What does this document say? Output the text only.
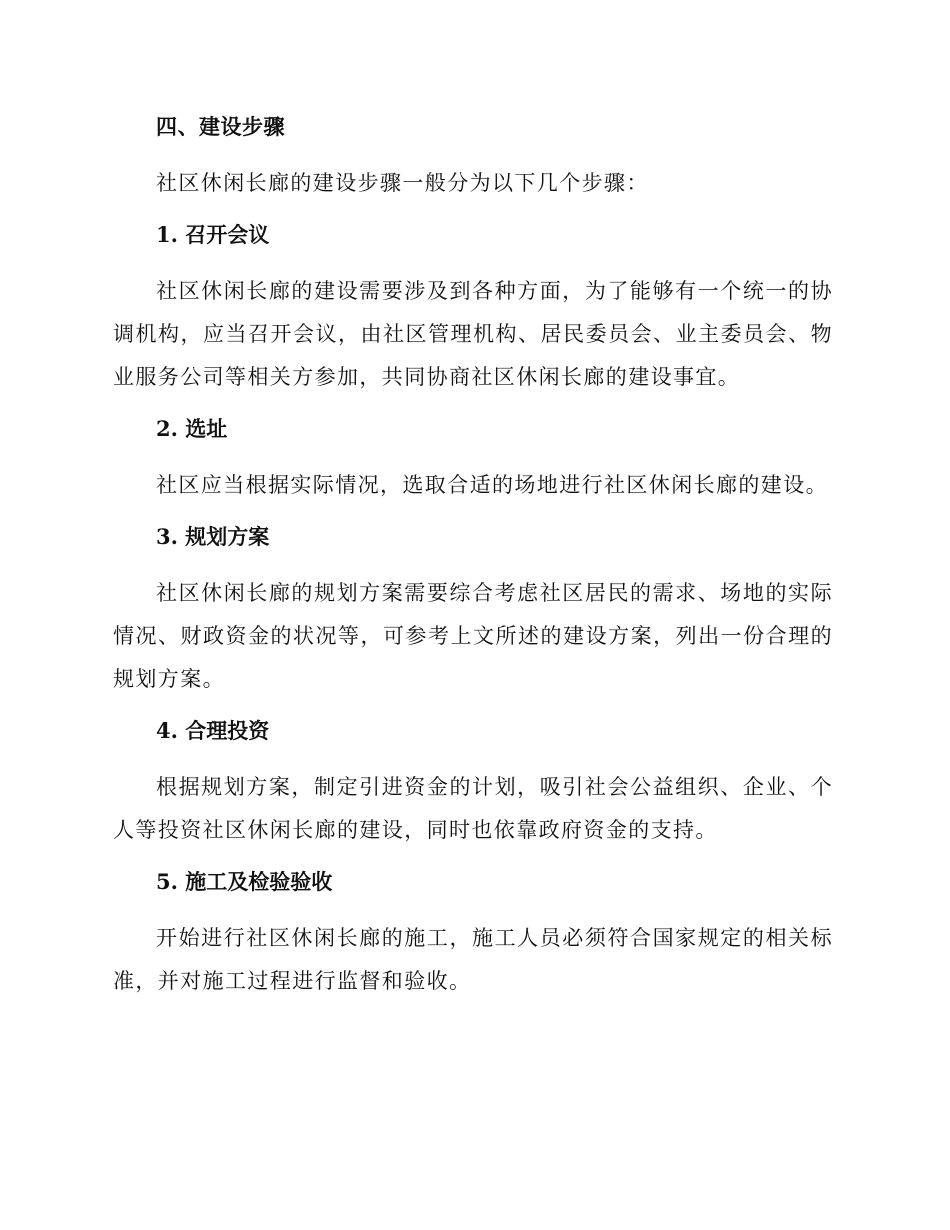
四、建设步骤

社区休闲长廊的建设步骤一般分为以下几个步骤：

1. 召开会议

社区休闲长廊的建设需要涉及到各种方面，为了能够有一个统一的协调机构，应当召开会议，由社区管理机构、居民委员会、业主委员会、物业服务公司等相关方参加，共同协商社区休闲长廊的建设事宜。

2. 选址

社区应当根据实际情况，选取合适的场地进行社区休闲长廊的建设。

3. 规划方案

社区休闲长廊的规划方案需要综合考虑社区居民的需求、场地的实际情况、财政资金的状况等，可参考上文所述的建设方案，列出一份合理的规划方案。

4. 合理投资

根据规划方案，制定引进资金的计划，吸引社会公益组织、企业、个人等投资社区休闲长廊的建设，同时也依靠政府资金的支持。

5. 施工及检验验收

开始进行社区休闲长廊的施工，施工人员必须符合国家规定的相关标准，并对施工过程进行监督和验收。
